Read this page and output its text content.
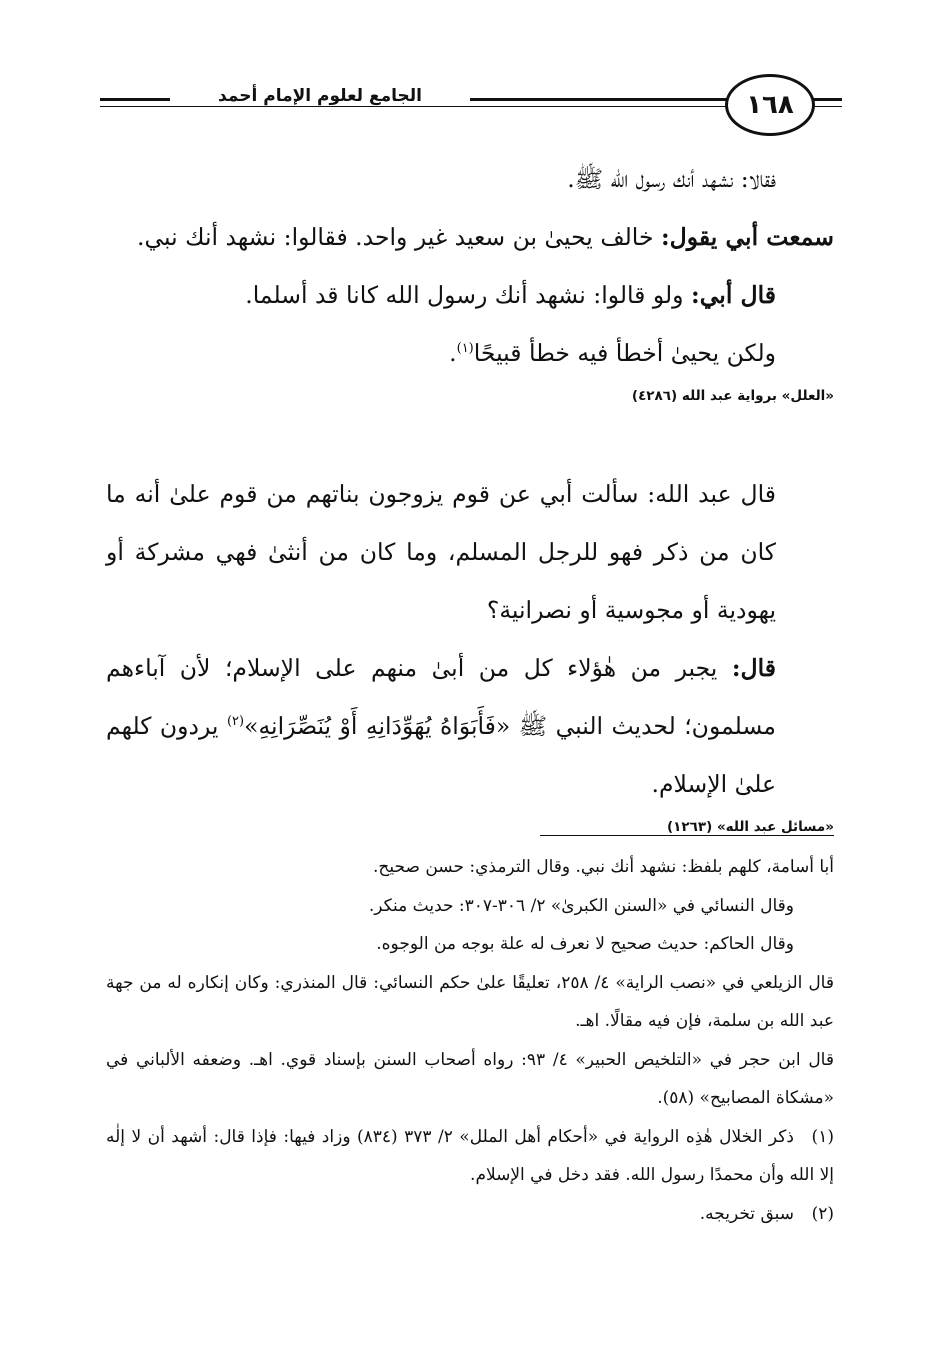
الجامع لعلوم الإمام أحمد	١٦٨

فقالا: نشهد أنك رسول الله ﷺ.

سمعت أبي يقول: خالف يحيىٰ بن سعيد غير واحد. فقالوا: نشهد أنك نبي.

قال أبي: ولو قالوا: نشهد أنك رسول الله كانا قد أسلما.

ولكن يحيىٰ أخطأ فيه خطأ قبيحًا$^{(١)}$.

«العلل» برواية عبد الله (٤٢٨٦)

قال عبد الله: سألت أبي عن قوم يزوجون بناتهم من قوم علىٰ أنه ما كان من ذكر فهو للرجل المسلم، وما كان من أنثىٰ فهي مشركة أو يهودية أو مجوسية أو نصرانية؟

قال: يجبر من هٰؤلاء كل من أبىٰ منهم على الإسلام؛ لأن آباءهم مسلمون؛ لحديث النبي ﷺ «فَأَبَوَاهُ يُهَوِّدَانِهِ أَوْ يُنَصِّرَانِهِ»$^{(٢)}$ يردون كلهم علىٰ الإسلام.

«مسائل عبد الله» (١٢٦٣)

أبا أسامة، كلهم بلفظ: نشهد أنك نبي. وقال الترمذي: حسن صحيح.

وقال النسائي في «السنن الكبرىٰ» ٢/ ٣٠٦-٣٠٧: حديث منكر.

وقال الحاكم: حديث صحيح لا نعرف له علة بوجه من الوجوه.

قال الزيلعي في «نصب الراية» ٤/ ٢٥٨، تعليقًا علىٰ حكم النسائي: قال المنذري: وكان إنكاره له من جهة عبد الله بن سلمة، فإن فيه مقالًا. اهـ.

قال ابن حجر في «التلخيص الحبير» ٤/ ٩٣: رواه أصحاب السنن بإسناد قوي. اهـ. وضعفه الألباني في «مشكاة المصابيح» (٥٨).

(١)ذكر الخلال هٰذِه الرواية في «أحكام أهل الملل» ٢/ ٣٧٣ (٨٣٤) وزاد فيها: فإذا قال: أشهد أن لا إلٰه إلا الله وأن محمدًا رسول الله. فقد دخل في الإسلام.

(٢)سبق تخريجه.
